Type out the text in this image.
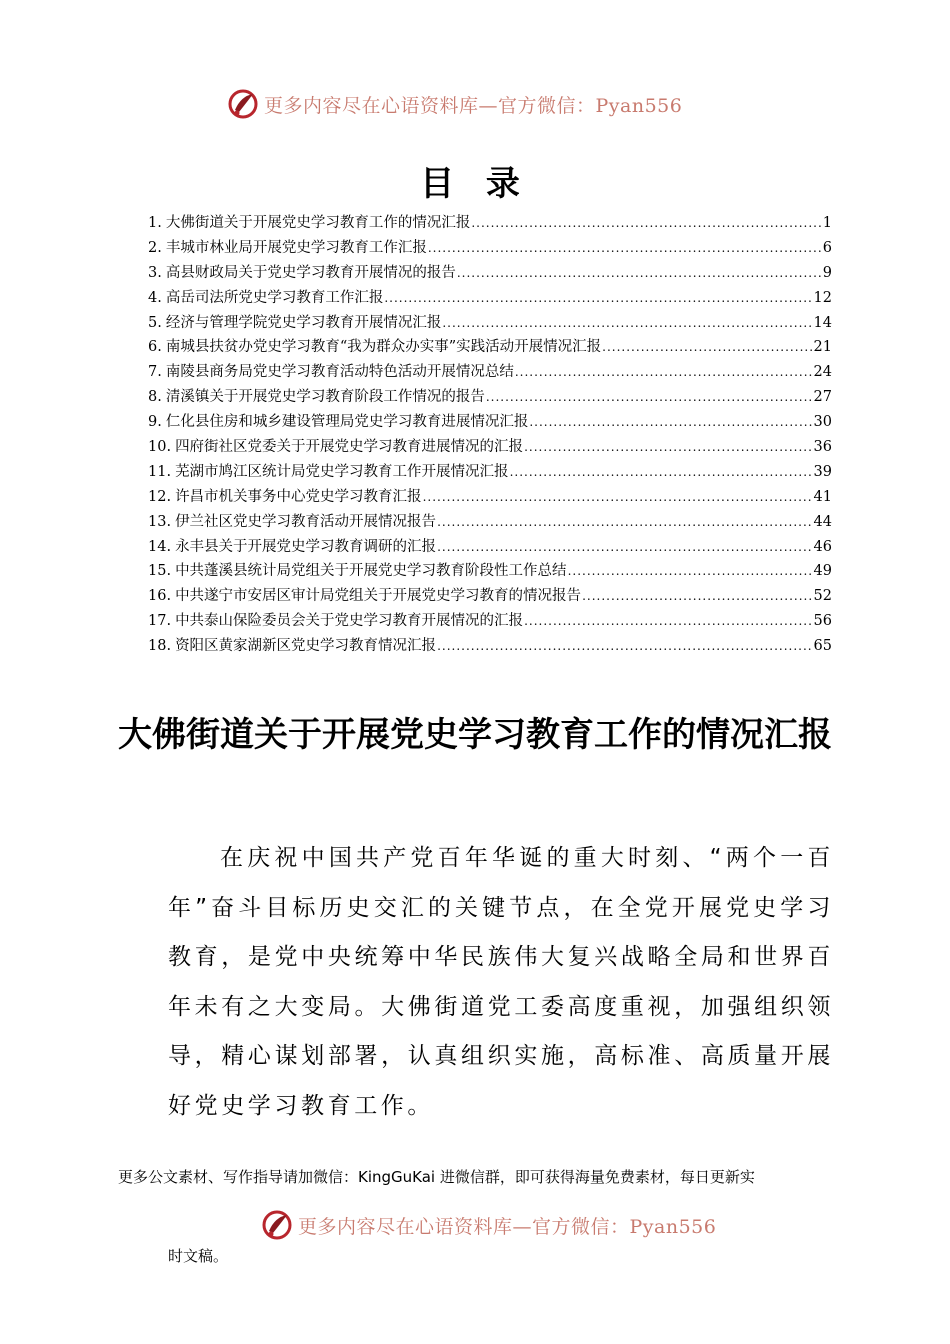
更多内容尽在心语资料库—官方微信：Pyan556
目 录
1. 大佛街道关于开展党史学习教育工作的情况汇报 .....	1
2. 丰城市林业局开展党史学习教育工作汇报 .....	6
3. 高县财政局关于党史学习教育开展情况的报告 .....	9
4. 高岳司法所党史学习教育工作汇报 .....	12
5. 经济与管理学院党史学习教育开展情况汇报 .....	14
6. 南城县扶贫办党史学习教育“我为群众办实事”实践活动开展情况汇报 .....	21
7. 南陵县商务局党史学习教育活动特色活动开展情况总结 .....	24
8. 清溪镇关于开展党史学习教育阶段工作情况的报告 .....	27
9. 仁化县住房和城乡建设管理局党史学习教育进展情况汇报 .....	30
10. 四府街社区党委关于开展党史学习教育进展情况的汇报 .....	36
11. 芜湖市鸠江区统计局党史学习教育工作开展情况汇报 .....	39
12. 许昌市机关事务中心党史学习教育汇报 .....	41
13. 伊兰社区党史学习教育活动开展情况报告 .....	44
14. 永丰县关于开展党史学习教育调研的汇报 .....	46
15. 中共蓬溪县统计局党组关于开展党史学习教育阶段性工作总结 .....	49
16. 中共遂宁市安居区审计局党组关于开展党史学习教育的情况报告 .....	52
17. 中共泰山保险委员会关于党史学习教育开展情况的汇报 .....	56
18. 资阳区黄家湖新区党史学习教育情况汇报 .....	65
大佛街道关于开展党史学习教育工作的情况汇报

在庆祝中国共产党百年华诞的重大时刻、“两个一百年”奋斗目标历史交汇的关键节点，在全党开展党史学习教育，是党中央统筹中华民族伟大复兴战略全局和世界百年未有之大变局。大佛街道党工委高度重视，加强组织领导，精心谋划部署，认真组织实施，高标准、高质量开展好党史学习教育工作。

更多公文素材、写作指导请加微信：KingGuKai 进微信群，即可获得海量免费素材，每日更新实
更多内容尽在心语资料库—官方微信：Pyan556
时文稿。
